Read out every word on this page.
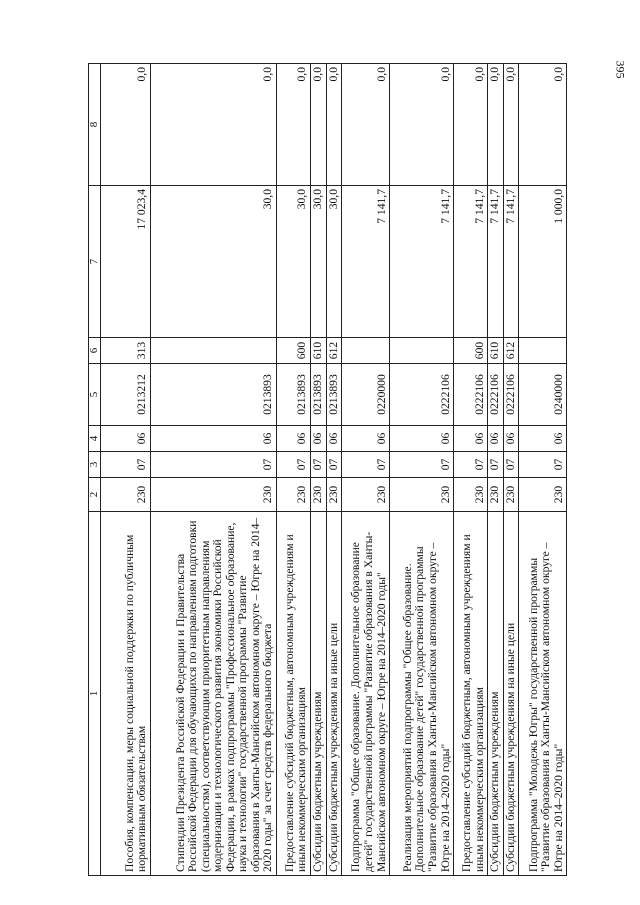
395
1	2	3	4	5	6	7	8
Пособия, компенсации, меры социальной поддержки по публичным нормативным обязательствам	230	07	06	0213212	313	17 023,4	0,0
Стипендии Президента Российской Федерации и Правительства Российской Федерации для обучающихся по направлениям подготовки (специальностям), соответствующим приоритетным направлениям модернизации и технологического развития экономики Российской Федерации, в рамках подпрограммы "Профессиональное образование, наука и технологии" государственной программы "Развитие образования в Ханты-Мансийском автономном округе – Югре на 2014–2020 годы" за счет средств федерального бюджета	230	07	06	0213893		30,0	0,0
Предоставление субсидий бюджетным, автономным учреждениям и иным некоммерческим организациям	230	07	06	0213893	600	30,0	0,0
Субсидии бюджетным учреждениям	230	07	06	0213893	610	30,0	0,0
Субсидии бюджетным учреждениям на иные цели	230	07	06	0213893	612	30,0	0,0
Подпрограмма "Общее образование. Дополнительное образование детей" государственной программы "Развитие образования в Ханты-Мансийском автономном округе – Югре на 2014–2020 годы"	230	07	06	0220000		7 141,7	0,0
Реализация мероприятий подпрограммы "Общее образование. Дополнительное образование детей" государственной программы "Развитие образования в Ханты-Мансийском автономном округе – Югре на 2014–2020 годы"	230	07	06	0222106		7 141,7	0,0
Предоставление субсидий бюджетным, автономным учреждениям и иным некоммерческим организациям	230	07	06	0222106	600	7 141,7	0,0
Субсидии бюджетным учреждениям	230	07	06	0222106	610	7 141,7	0,0
Субсидии бюджетным учреждениям на иные цели	230	07	06	0222106	612	7 141,7	0,0
Подпрограмма "Молодежь Югры" государственной программы "Развитие образования в Ханты-Мансийском автономном округе – Югре на 2014–2020 годы"	230	07	06	0240000		1 000,0	0,0
